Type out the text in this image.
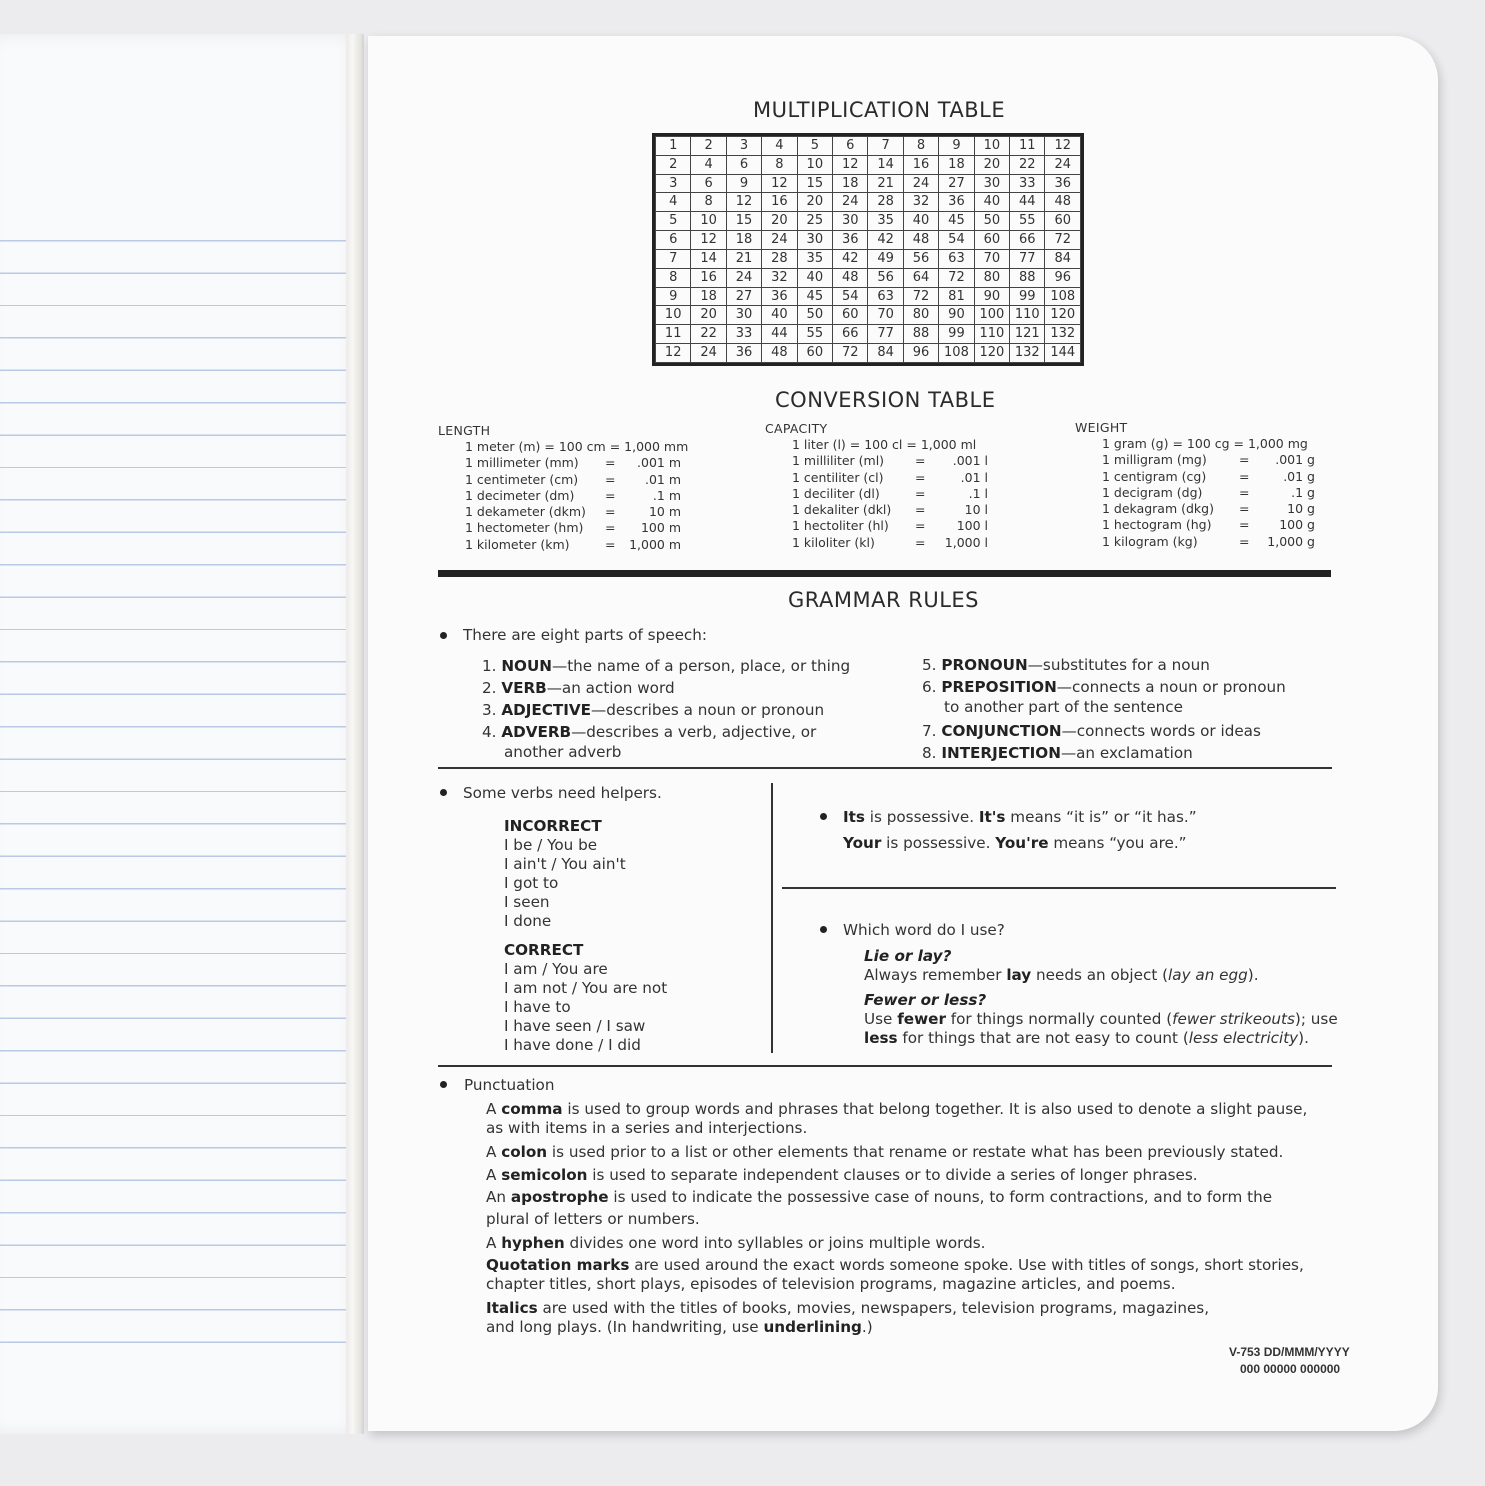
MULTIPLICATION TABLE
1	2	3	4	5	6	7	8	9	10	11	12
2	4	6	8	10	12	14	16	18	20	22	24
3	6	9	12	15	18	21	24	27	30	33	36
4	8	12	16	20	24	28	32	36	40	44	48
5	10	15	20	25	30	35	40	45	50	55	60
6	12	18	24	30	36	42	48	54	60	66	72
7	14	21	28	35	42	49	56	63	70	77	84
8	16	24	32	40	48	56	64	72	80	88	96
9	18	27	36	45	54	63	72	81	90	99	108
10	20	30	40	50	60	70	80	90	100	110	120
11	22	33	44	55	66	77	88	99	110	121	132
12	24	36	48	60	72	84	96	108	120	132	144
CONVERSION TABLE
LENGTH
1 meter (m) = 100 cm = 1,000 mm
1 millimeter (mm) = .001 m
1 centimeter (cm) = .01 m
1 decimeter (dm) =	.1 m
1 dekameter (dkm) =	10 m
1 hectometer (hm) = 100 m
1 kilometer (km)	= 1,000 m
CAPACITY
1 liter (l) = 100 cl = 1,000 ml
1 milliliter (ml) = .001 l
1 centiliter (cl)	=	.01 l
1 deciliter (dl)	=	.1 l
1 dekaliter (dkl) =	10 l
1 hectoliter (hl) = 100 l
1 kiloliter (kl)	= 1,000 l
WEIGHT
1 gram (g) = 100 cg = 1,000 mg
1 milligram (mg)	= .001 g
1 centigram (cg)	=	.01 g
1 decigram (dg)	=	.1 g
1 dekagram (dkg) =	10 g
1 hectogram (hg) = 100 g
1 kilogram (kg)	= 1,000 g
GRAMMAR RULES
There are eight parts of speech:
1. NOUN—the name of a person, place, or thing
2. VERB—an action word
3. ADJECTIVE—describes a noun or pronoun
4. ADVERB—describes a verb, adjective, or
another adverb
5. PRONOUN—substitutes for a noun
6. PREPOSITION—connects a noun or pronoun
to another part of the sentence
7. CONJUNCTION—connects words or ideas
8. INTERJECTION—an exclamation
Some verbs need helpers.
INCORRECT
I be / You be
I ain't / You ain't
I got to
I seen
I done
CORRECT
I am / You are
I am not / You are not
I have to
I have seen / I saw
I have done / I did
Its is possessive. It's means “it is” or “it has.”
Your is possessive. You're means “you are.”
Which word do I use?
Lie or lay?
Always remember lay needs an object (lay an egg).
Fewer or less?
Use fewer for things normally counted (fewer strikeouts); use
less for things that are not easy to count (less electricity).
Punctuation
A comma is used to group words and phrases that belong together. It is also used to denote a slight pause,
as with items in a series and interjections.
A colon is used prior to a list or other elements that rename or restate what has been previously stated.
A semicolon is used to separate independent clauses or to divide a series of longer phrases.
An apostrophe is used to indicate the possessive case of nouns, to form contractions, and to form the
plural of letters or numbers.
A hyphen divides one word into syllables or joins multiple words.
Quotation marks are used around the exact words someone spoke. Use with titles of songs, short stories,
chapter titles, short plays, episodes of television programs, magazine articles, and poems.
Italics are used with the titles of books, movies, newspapers, television programs, magazines,
and long plays. (In handwriting, use underlining.)
V-753 DD/MMM/YYYY
000 00000 000000
